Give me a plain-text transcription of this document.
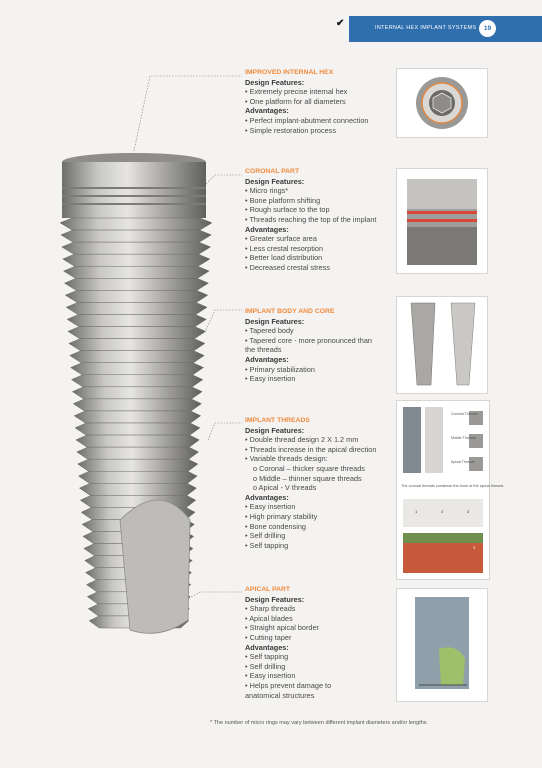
✔	INTERNAL HEX IMPLANT SYSTEMS	19
IMPROVED INTERNAL HEX
Design Features:
• Extremely precise internal hex
• One platform for all diameters
Advantages:
• Perfect implant-abutment connection
• Simple restoration process
CORONAL PART
Design Features:
• Micro rings*
• Bone platform shifting
• Rough surface to the top
• Threads reaching the top of the implant
Advantages:
• Greater surface area
• Less crestal resorption
• Better load distribution
• Decreased crestal stress
IMPLANT BODY AND CORE
Design Features:
• Tapered body
• Tapered core - more pronounced than the threads
Advantages:
• Primary stabilization
• Easy insertion
IMPLANT THREADS
Design Features:
• Double thread design 2 X 1.2 mm
• Threads increase in the apical direction
• Variable threads design:
o Coronal – thicker square threads
o Middle – thinner square threads
o Apical - V threads
Advantages:
• Easy insertion
• High primary stability
• Bone condensing
• Self drilling
• Self tapping
APICAL PART
Design Features:
• Sharp threads
• Apical blades
• Straight apical border
• Cutting taper
Advantages:
• Self tapping
• Self drilling
• Easy insertion
• Helps prevent damage to anatomical structures
Coronal Threads
Middle Threads
Apical Threads
The coronal threads condense the bone of the apical threads
1	2	3
3
* The number of micro rings may vary between different implant diameters and/or lengths.
